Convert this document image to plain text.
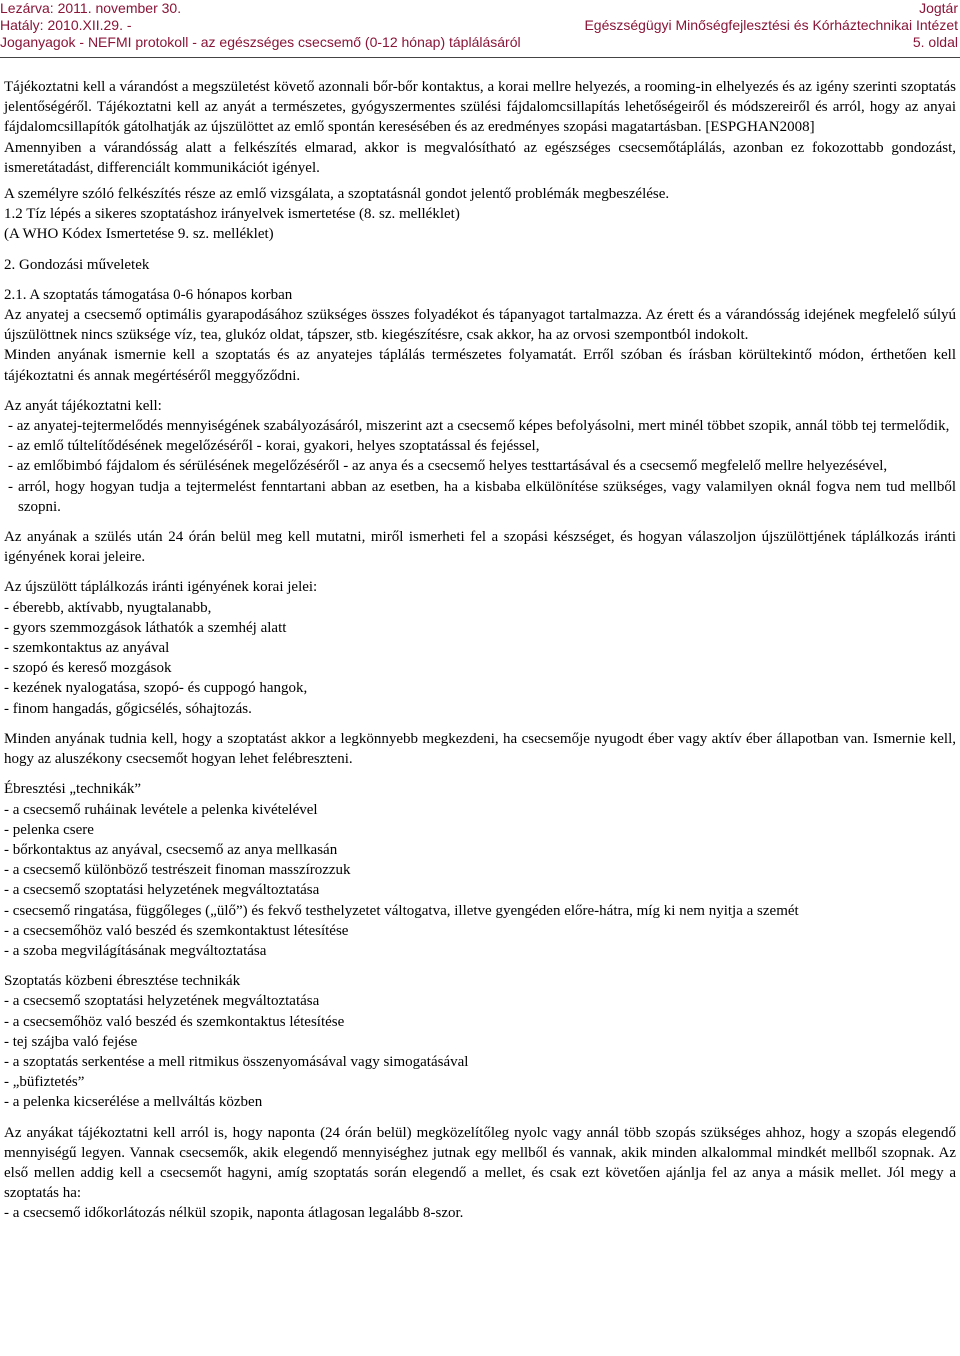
Lezárva: 2011. november 30.
Hatály: 2010.XII.29. -
Joganyagok - NEFMI protokoll - az egészséges csecsemő (0-12 hónap) táplálásáról
Jogtár
Egészségügyi Minőségfejlesztési és Kórháztechnikai Intézet
5. oldal

Tájékoztatni kell a várandóst a megszületést követő azonnali bőr-bőr kontaktus, a korai mellre helyezés, a rooming-in elhelyezés és az igény szerinti szoptatás jelentőségéről. Tájékoztatni kell az anyát a természetes, gyógyszermentes szülési fájdalomcsillapítás lehetőségeiről és módszereiről és arról, hogy az anyai fájdalomcsillapítók gátolhatják az újszülöttet az emlő spontán keresésében és az eredményes szopási magatartásban. [ESPGHAN2008]

Amennyiben a várandósság alatt a felkészítés elmarad, akkor is megvalósítható az egészséges csecsemőtáplálás, azonban ez fokozottabb gondozást, ismeretátadást, differenciált kommunikációt igényel.

A személyre szóló felkészítés része az emlő vizsgálata, a szoptatásnál gondot jelentő problémák megbeszélése.

1.2 Tíz lépés a sikeres szoptatáshoz irányelvek ismertetése (8. sz. melléklet)

(A WHO Kódex Ismertetése 9. sz. melléklet)

2. Gondozási műveletek

2.1. A szoptatás támogatása 0-6 hónapos korban

Az anyatej a csecsemő optimális gyarapodásához szükséges összes folyadékot és tápanyagot tartalmazza. Az érett és a várandósság idejének megfelelő súlyú újszülöttnek nincs szüksége víz, tea, glukóz oldat, tápszer, stb. kiegészítésre, csak akkor, ha az orvosi szempontból indokolt.

Minden anyának ismernie kell a szoptatás és az anyatejes táplálás természetes folyamatát. Erről szóban és írásban körültekintő módon, érthetően kell tájékoztatni és annak megértéséről meggyőződni.

Az anyát tájékoztatni kell:

- az anyatej-tejtermelődés mennyiségének szabályozásáról, miszerint azt a csecsemő képes befolyásolni, mert minél többet szopik, annál több tej termelődik,
- az emlő túltelítődésének megelőzéséről - korai, gyakori, helyes szoptatással és fejéssel,
- az emlőbimbó fájdalom és sérülésének megelőzéséről - az anya és a csecsemő helyes testtartásával és a csecsemő megfelelő mellre helyezésével,
- arról, hogy hogyan tudja a tejtermelést fenntartani abban az esetben, ha a kisbaba elkülönítése szükséges, vagy valamilyen oknál fogva nem tud mellből szopni.

Az anyának a szülés után 24 órán belül meg kell mutatni, miről ismerheti fel a szopási készséget, és hogyan válaszoljon újszülöttjének táplálkozás iránti igényének korai jeleire.

Az újszülött táplálkozás iránti igényének korai jelei:

- éberebb, aktívabb, nyugtalanabb,
- gyors szemmozgások láthatók a szemhéj alatt
- szemkontaktus az anyával
- szopó és kereső mozgások
- kezének nyalogatása, szopó- és cuppogó hangok,
- finom hangadás, gőgicsélés, sóhajtozás.

Minden anyának tudnia kell, hogy a szoptatást akkor a legkönnyebb megkezdeni, ha csecsemője nyugodt éber vagy aktív éber állapotban van. Ismernie kell, hogy az aluszékony csecsemőt hogyan lehet felébreszteni.

Ébresztési „technikák”

- a csecsemő ruháinak levétele a pelenka kivételével
- pelenka csere
- bőrkontaktus az anyával, csecsemő az anya mellkasán
- a csecsemő különböző testrészeit finoman masszírozzuk
- a csecsemő szoptatási helyzetének megváltoztatása
- csecsemő ringatása, függőleges („ülő”) és fekvő testhelyzetet váltogatva, illetve gyengéden előre-hátra, míg ki nem nyitja a szemét
- a csecsemőhöz való beszéd és szemkontaktust létesítése
- a szoba megvilágításának megváltoztatása

Szoptatás közbeni ébresztése technikák

- a csecsemő szoptatási helyzetének megváltoztatása
- a csecsemőhöz való beszéd és szemkontaktus létesítése
- tej szájba való fejése
- a szoptatás serkentése a mell ritmikus összenyomásával vagy simogatásával
- „büfiztetés”
- a pelenka kicserélése a mellváltás közben

Az anyákat tájékoztatni kell arról is, hogy naponta (24 órán belül) megközelítőleg nyolc vagy annál több szopás szükséges ahhoz, hogy a szopás elegendő mennyiségű legyen. Vannak csecsemők, akik elegendő mennyiséghez jutnak egy mellből és vannak, akik minden alkalommal mindkét mellből szopnak. Az első mellen addig kell a csecsemőt hagyni, amíg szoptatás során elegendő a mellet, és csak ezt követően ajánlja fel az anya a másik mellet. Jól megy a szoptatás ha:

- a csecsemő időkorlátozás nélkül szopik, naponta átlagosan legalább 8-szor.
